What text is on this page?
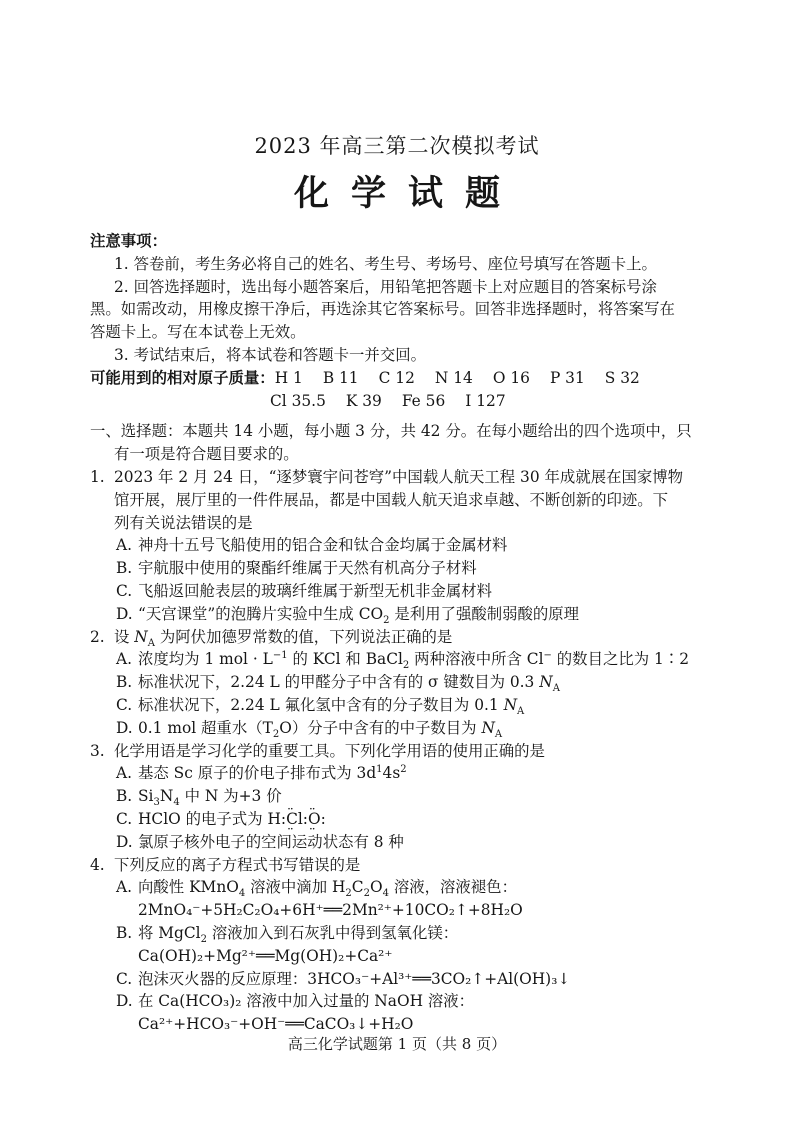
2023 年高三第二次模拟考试
化学试题
注意事项：
1. 答卷前，考生务必将自己的姓名、考生号、考场号、座位号填写在答题卡上。
2. 回答选择题时，选出每小题答案后，用铅笔把答题卡上对应题目的答案标号涂
黑。如需改动，用橡皮擦干净后，再选涂其它答案标号。回答非选择题时，将答案写在
答题卡上。写在本试卷上无效。
3. 考试结束后，将本试卷和答题卡一并交回。
可能用到的相对原子质量：H 1 B 11 C 12 N 14 O 16 P 31 S 32
Cl 35.5 K 39 Fe 56 I 127
一、选择题：本题共 14 小题，每小题 3 分，共 42 分。在每小题给出的四个选项中，只
有一项是符合题目要求的。
1. 2023 年 2 月 24 日，“逐梦寰宇问苍穹”中国载人航天工程 30 年成就展在国家博物
馆开展，展厅里的一件件展品，都是中国载人航天追求卓越、不断创新的印迹。下
列有关说法错误的是
A. 神舟十五号飞船使用的铝合金和钛合金均属于金属材料
B. 宇航服中使用的聚酯纤维属于天然有机高分子材料
C. 飞船返回舱表层的玻璃纤维属于新型无机非金属材料
D. “天宫课堂”的泡腾片实验中生成 $CO_2$ 是利用了强酸制弱酸的原理
2. 设 $N_A$ 为阿伏加德罗常数的值，下列说法正确的是
A. 浓度均为 1 mol · $L^{-1}$ 的 KCl 和 BaCl$_2$ 两种溶液中所含 Cl− 的数目之比为 1∶2
B. 标准状况下，2.24 L 的甲醛分子中含有的 σ 键数目为 0.3 $N_A$
C. 标准状况下，2.24 L 氟化氢中含有的分子数目为 0.1 $N_A$
D. 0.1 mol 超重水$(T_2O)$分子中含有的中子数目为 $N_A$
3. 化学用语是学习化学的重要工具。下列化学用语的使用正确的是
A. 基态 Sc 原子的价电子排布式为 $3d^14s^2$
B. $Si_3N_4$ 中 N 为+3 价
C. HClO 的电子式为 H:·· Cl ··:·· O ··:
D. 氯原子核外电子的空间运动状态有 8 种
4. 下列反应的离子方程式书写错误的是
A. 向酸性 KMnO$_4$ 溶液中滴加 $H_2C_2O_4$ 溶液，溶液褪色：
2MnO₄⁻+5H₂C₂O₄+6H⁺══2Mn²⁺+10CO₂↑+8H₂O
B. 将 MgCl$_2$ 溶液加入到石灰乳中得到氢氧化镁：
Ca(OH)₂+Mg²⁺══Mg(OH)₂+Ca²⁺
C. 泡沫灭火器的反应原理：3HCO₃⁻+Al³⁺══3CO₂↑+Al(OH)₃↓
D. 在 Ca(HCO₃)₂ 溶液中加入过量的 NaOH 溶液：
Ca²⁺+HCO₃⁻+OH⁻══CaCO₃↓+H₂O
高三化学试题第 1 页（共 8 页）
